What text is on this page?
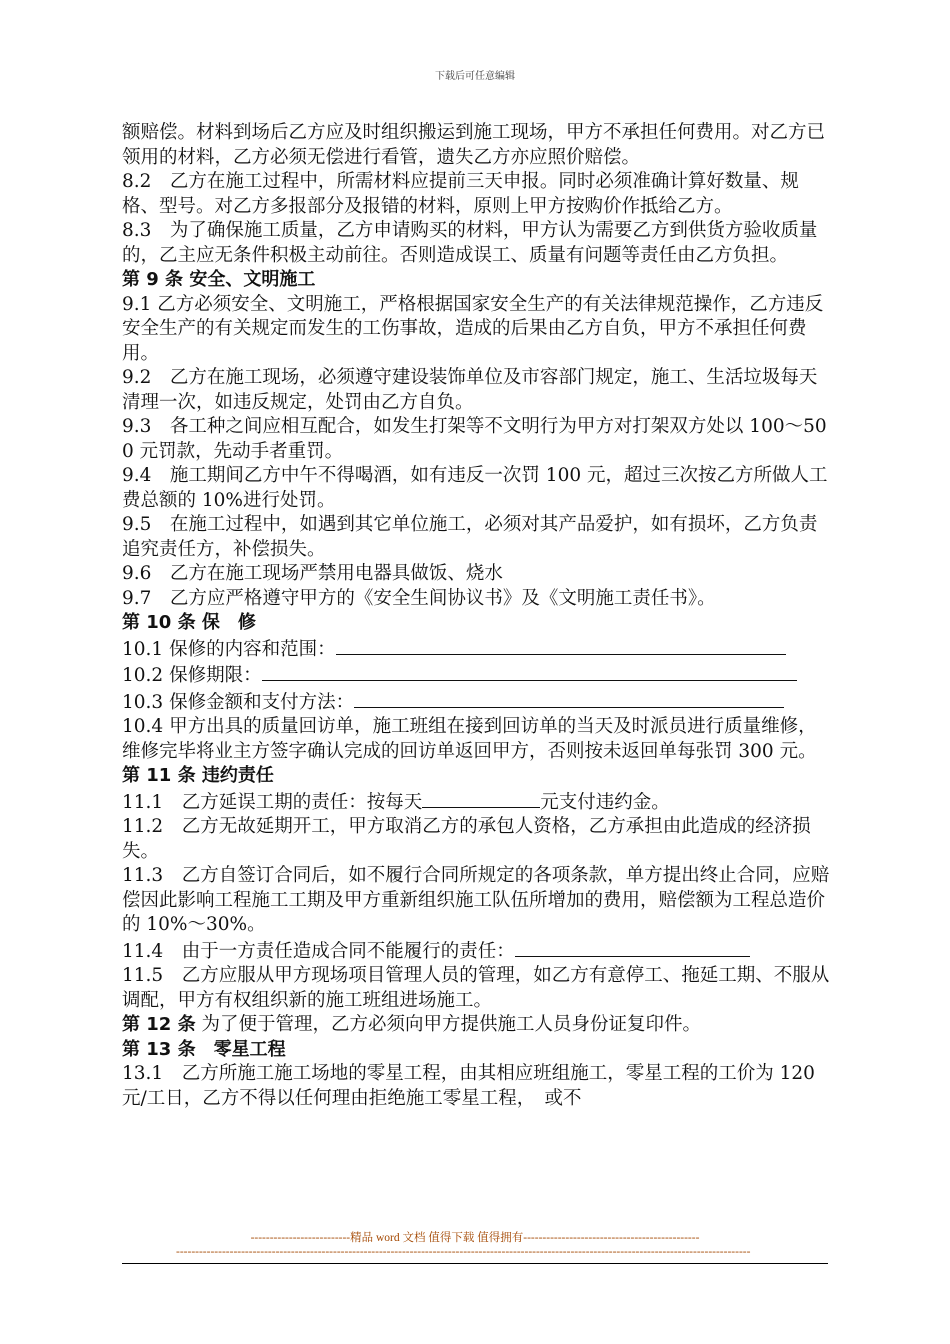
下载后可任意编辑

额赔偿。材料到场后乙方应及时组织搬运到施工现场，甲方不承担任何费用。对乙方已领用的材料，乙方必须无偿进行看管，遗失乙方亦应照价赔偿。

8.2　乙方在施工过程中，所需材料应提前三天申报。同时必须准确计算好数量、规格、型号。对乙方多报部分及报错的材料，原则上甲方按购价作抵给乙方。

8.3　为了确保施工质量，乙方申请购买的材料，甲方认为需要乙方到供货方验收质量的，乙主应无条件积极主动前往。否则造成误工、质量有问题等责任由乙方负担。

第 9 条 安全、文明施工

9.1 乙方必须安全、文明施工，严格根据国家安全生产的有关法律规范操作，乙方违反安全生产的有关规定而发生的工伤事故，造成的后果由乙方自负，甲方不承担任何费用。

9.2　乙方在施工现场，必须遵守建设装饰单位及市容部门规定，施工、生活垃圾每天清理一次，如违反规定，处罚由乙方自负。

9.3　各工种之间应相互配合，如发生打架等不文明行为甲方对打架双方处以 100～500 元罚款，先动手者重罚。

9.4　施工期间乙方中午不得喝酒，如有违反一次罚 100 元，超过三次按乙方所做人工费总额的 10%进行处罚。

9.5　在施工过程中，如遇到其它单位施工，必须对其产品爱护，如有损坏，乙方负责追究责任方，补偿损失。

9.6　乙方在施工现场严禁用电器具做饭、烧水

9.7　乙方应严格遵守甲方的《安全生间协议书》及《文明施工责任书》。

第 10 条 保　修

10.1 保修的内容和范围：

10.2 保修期限：

10.3 保修金额和支付方法：

10.4 甲方出具的质量回访单，施工班组在接到回访单的当天及时派员进行质量维修，维修完毕将业主方签字确认完成的回访单返回甲方，否则按未返回单每张罚 300 元。

第 11 条 违约责任

11.1　乙方延误工期的责任：按每天	元支付违约金。

11.2　乙方无故延期开工，甲方取消乙方的承包人资格，乙方承担由此造成的经济损失。

11.3　乙方自签订合同后，如不履行合同所规定的各项条款，单方提出终止合同，应赔偿因此影响工程施工工期及甲方重新组织施工队伍所增加的费用，赔偿额为工程总造价的 10%～30%。

11.4　由于一方责任造成合同不能履行的责任：

11.5　乙方应服从甲方现场项目管理人员的管理，如乙方有意停工、拖延工期、不服从调配，甲方有权组织新的施工班组进场施工。

第 12 条 为了便于管理，乙方必须向甲方提供施工人员身份证复印件。

第 13 条　零星工程

13.1　乙方所施工施工场地的零星工程，由其相应班组施工，零星工程的工价为 120 元/工日，乙方不得以任何理由拒绝施工零星工程，　或不

--------------------------精品 word 文档 值得下载 值得拥有----------------------------------------------
------------------------------------------------------------------------------------------------------------------------------------------------------
